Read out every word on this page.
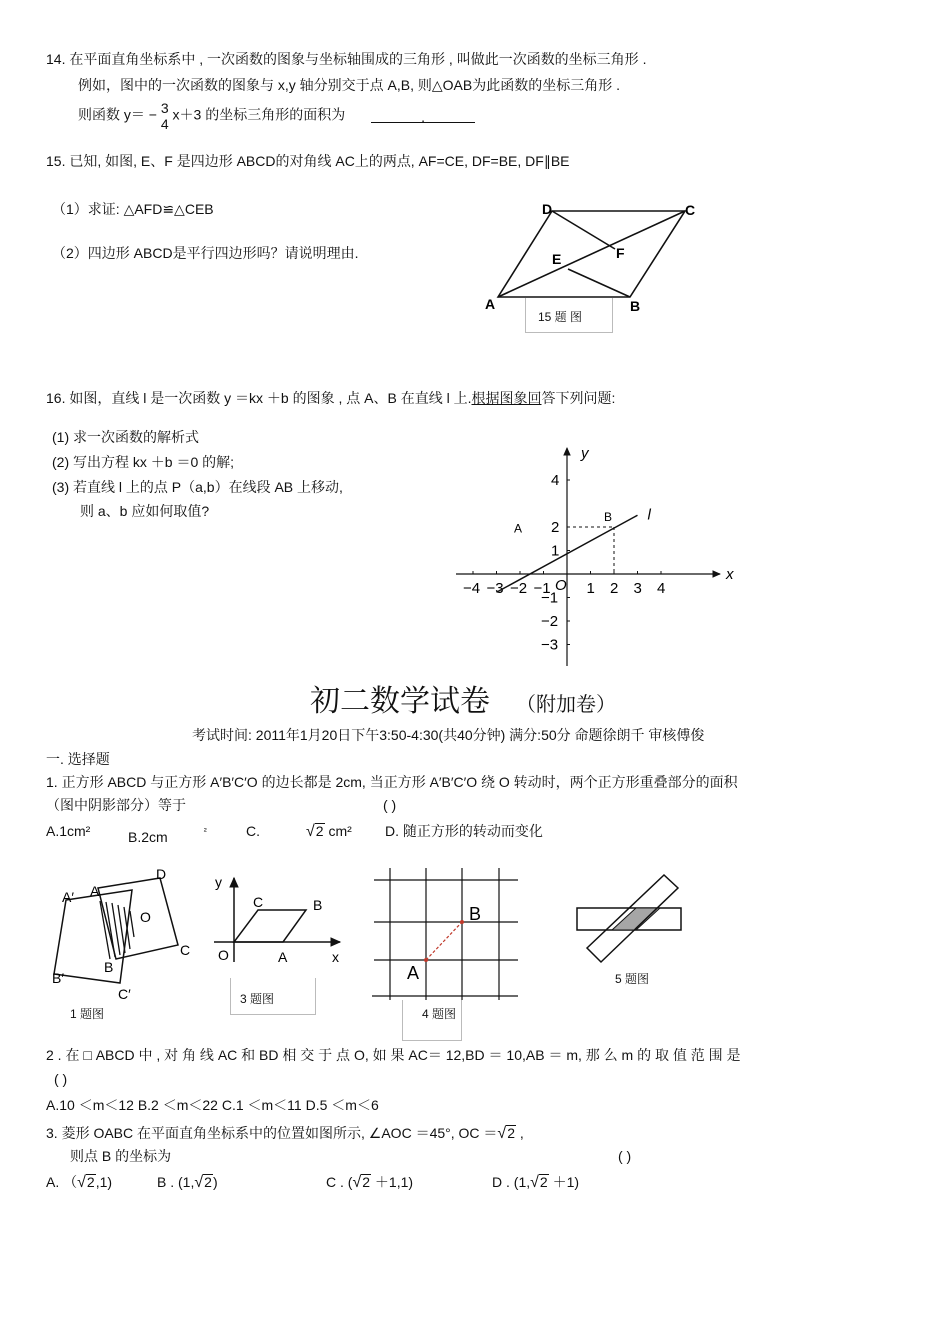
14. 在平面直角坐标系中 , 一次函数的图象与坐标轴围成的三角形 , 叫做此一次函数的坐标三角形 .
例如，图中的一次函数的图象与 x,y 轴分别交于点 A,B, 则△OAB为此函数的坐标三角形 .
则函数 y＝ − 3
4
x＋3 的坐标三角形的面积为	.
15. 已知, 如图, E、F 是四边形 ABCD的对角线 AC上的两点, AF=CE, DF=BE, DF∥BE
（1）求证: △AFD≌△CEB
（2）四边形 ABCD是平行四边形吗？请说明理由.
A	B
C
D
E	F
15 题 图
16. 如图，直线 l 是一次函数 y ＝kx ＋b 的图象 , 点 A、B 在直线 l 上.根据图象回答下列问题:
(1) 求一次函数的解析式
(2) 写出方程 kx ＋b ＝0 的解;
(3) 若直线 l 上的点 P（a,b）在线段 AB 上移动,
则 a、b 应如何取值?
−4 −3 −2 −1 1 2 3 4
4
2
1
−1
−2
−3
O
x
y
l
B
A
初二数学试卷 （附加卷）
考试时间: 2011年1月20日下午3:50-4:30(共40分钟) 满分:50分 命题徐朗千 审核傅俊
一. 选择题
1. 正方形 ABCD 与正方形 A′B′C′O 的边长都是 2cm, 当正方形 A′B′C′O 绕 O 转动时，两个正方形重叠部分的面积
（图中阴影部分）等于	( )
A.1cm²	B.2cm	$^{^2}$	C.	√2 cm² D. 随正方形的转动而变化
A′ A
D
O
C
B
B′
C′
1 题图
y
C	B
O	A	x
3 题图
B
A
4 题图
5 题图
2 . 在 □ ABCD 中 , 对 角 线 AC 和 BD 相 交 于 点 O, 如 果 AC＝ 12,BD ＝ 10,AB ＝ m, 那 么 m 的 取 值 范 围 是
( )
A.10 ＜m＜12 B.2 ＜m＜22 C.1 ＜m＜11 D.5 ＜m＜6
3. 菱形 OABC 在平面直角坐标系中的位置如图所示, ∠AOC ＝45°, OC ＝√2 ,
则点 B 的坐标为	( )
A. （√2,1)	B . (1,√2)	C . (√2 ＋1,1)	D . (1,√2 ＋1)
